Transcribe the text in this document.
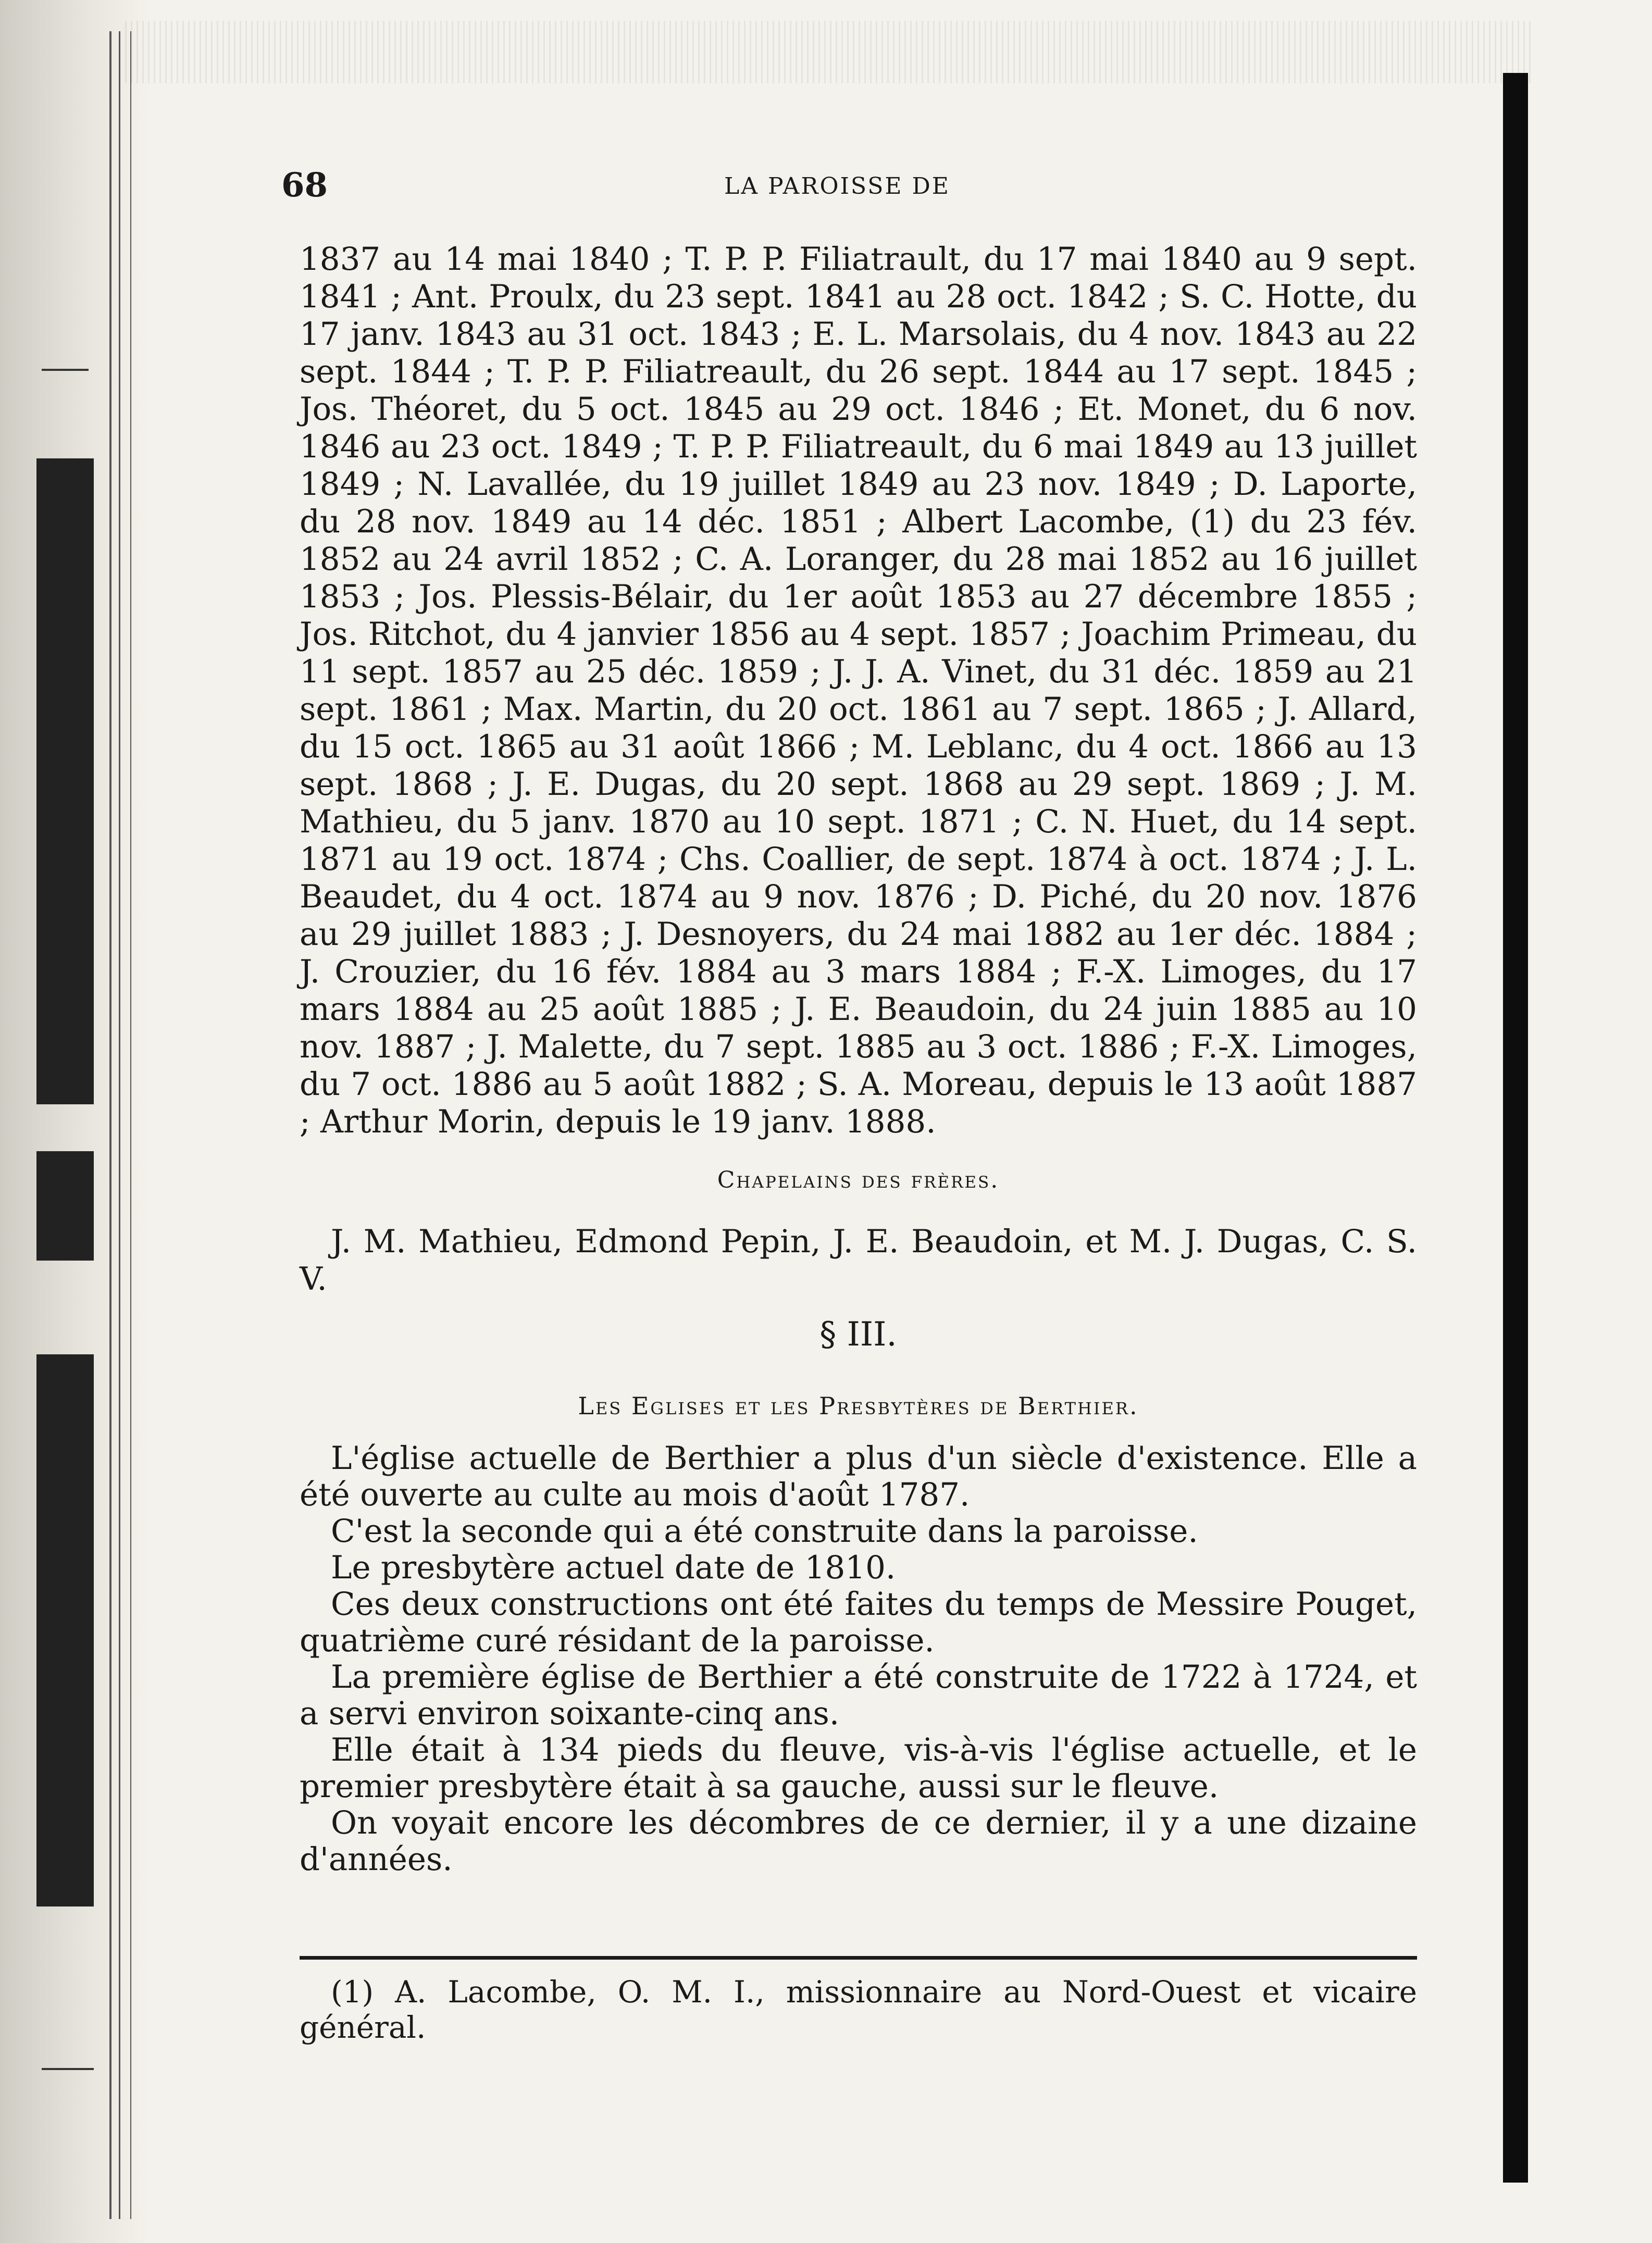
68	LA PAROISSE DE

1837 au 14 mai 1840 ; T. P. P. Filiatrault, du 17 mai 1840 au 9 sept. 1841 ; Ant. Proulx, du 23 sept. 1841 au 28 oct. 1842 ; S. C. Hotte, du 17 janv. 1843 au 31 oct. 1843 ; E. L. Marsolais, du 4 nov. 1843 au 22 sept. 1844 ; T. P. P. Filiatreault, du 26 sept. 1844 au 17 sept. 1845 ; Jos. Théoret, du 5 oct. 1845 au 29 oct. 1846 ; Et. Monet, du 6 nov. 1846 au 23 oct. 1849 ; T. P. P. Filiatreault, du 6 mai 1849 au 13 juillet 1849 ; N. Lavallée, du 19 juillet 1849 au 23 nov. 1849 ; D. Laporte, du 28 nov. 1849 au 14 déc. 1851 ; Albert Lacombe, (1) du 23 fév. 1852 au 24 avril 1852 ; C. A. Loranger, du 28 mai 1852 au 16 juillet 1853 ; Jos. Plessis-Bélair, du 1er août 1853 au 27 décembre 1855 ; Jos. Ritchot, du 4 janvier 1856 au 4 sept. 1857 ; Joachim Primeau, du 11 sept. 1857 au 25 déc. 1859 ; J. J. A. Vinet, du 31 déc. 1859 au 21 sept. 1861 ; Max. Martin, du 20 oct. 1861 au 7 sept. 1865 ; J. Allard, du 15 oct. 1865 au 31 août 1866 ; M. Leblanc, du 4 oct. 1866 au 13 sept. 1868 ; J. E. Dugas, du 20 sept. 1868 au 29 sept. 1869 ; J. M. Mathieu, du 5 janv. 1870 au 10 sept. 1871 ; C. N. Huet, du 14 sept. 1871 au 19 oct. 1874 ; Chs. Coallier, de sept. 1874 à oct. 1874 ; J. L. Beaudet, du 4 oct. 1874 au 9 nov. 1876 ; D. Piché, du 20 nov. 1876 au 29 juillet 1883 ; J. Desnoyers, du 24 mai 1882 au 1er déc. 1884 ; J. Crouzier, du 16 fév. 1884 au 3 mars 1884 ; F.-X. Limoges, du 17 mars 1884 au 25 août 1885 ; J. E. Beaudoin, du 24 juin 1885 au 10 nov. 1887 ; J. Malette, du 7 sept. 1885 au 3 oct. 1886 ; F.-X. Limoges, du 7 oct. 1886 au 5 août 1882 ; S. A. Moreau, depuis le 13 août 1887 ; Arthur Morin, depuis le 19 janv. 1888.

Chapelains des frères.

J. M. Mathieu, Edmond Pepin, J. E. Beaudoin, et M. J. Dugas, C. S. V.

§ III.
Les Eglises et les Presbytères de Berthier.

L'église actuelle de Berthier a plus d'un siècle d'existence. Elle a été ouverte au culte au mois d'août 1787.

C'est la seconde qui a été construite dans la paroisse.

Le presbytère actuel date de 1810.

Ces deux constructions ont été faites du temps de Messire Pouget, quatrième curé résidant de la paroisse.

La première église de Berthier a été construite de 1722 à 1724, et a servi environ soixante-cinq ans.

Elle était à 134 pieds du fleuve, vis-à-vis l'église actuelle, et le premier presbytère était à sa gauche, aussi sur le fleuve.

On voyait encore les décombres de ce dernier, il y a une dizaine d'années.

(1) A. Lacombe, O. M. I., missionnaire au Nord-Ouest et vicaire général.
